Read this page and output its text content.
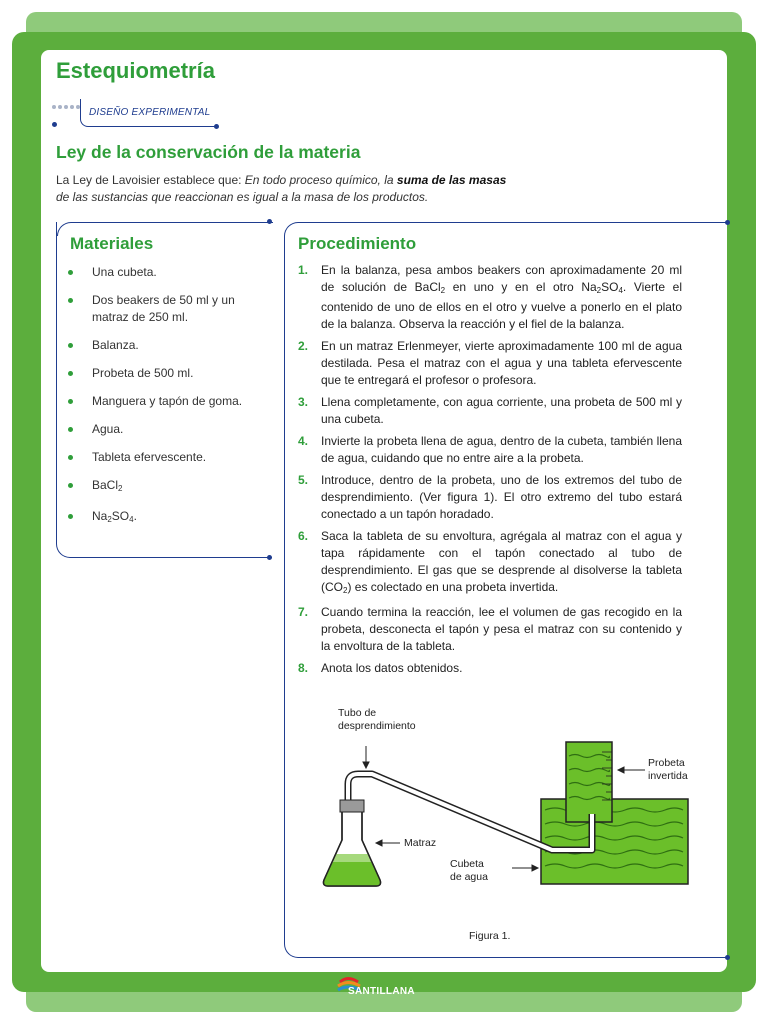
Estequiometría
DISEÑO EXPERIMENTAL
Ley de la conservación de la materia

La Ley de Lavoisier establece que: En todo proceso químico, la suma de las masas
de las sustancias que reaccionan es igual a la masa de los productos.

Materiales
Una cubeta.
Dos beakers de 50 ml y un matraz de 250 ml.
Balanza.
Probeta de 500 ml.
Manguera y tapón de goma.
Agua.
Tableta efervescente.
BaCl$_2$
$Na_2SO_4$.
Procedimiento
1. En la balanza, pesa ambos beakers con aproximadamente 20 ml de solución de BaCl$_2$ en uno y en el otro $Na_2SO_4$. Vierte el contenido de uno de ellos en el otro y vuelve a ponerlo en el plato de la balanza. Observa la reacción y el fiel de la balanza.
2. En un matraz Erlenmeyer, vierte aproximadamente 100 ml de agua destilada. Pesa el matraz con el agua y una tableta efervescente que te entregará el profesor o profesora.
3. Llena completamente, con agua corriente, una probeta de 500 ml y una cubeta.
4. Invierte la probeta llena de agua, dentro de la cubeta, también llena de agua, cuidando que no entre aire a la probeta.
5. Introduce, dentro de la probeta, uno de los extremos del tubo de desprendimiento. (Ver figura 1). El otro extremo del tubo estará conectado a un tapón horadado.
6. Saca la tableta de su envoltura, agrégala al matraz con el agua y tapa rápidamente con el tapón conectado al tubo de desprendimiento. El gas que se desprende al disolverse la tableta $(CO_2)$ es colectado en una probeta invertida.
7. Cuando termina la reacción, lee el volumen de gas recogido en la probeta, desconecta el tapón y pesa el matraz con su contenido y la envoltura de la tableta.
8. Anota los datos obtenidos.
Tubo de
desprendimiento
Probeta
invertida
Matraz
Cubeta
de agua
Figura 1.
SANTILLANA
